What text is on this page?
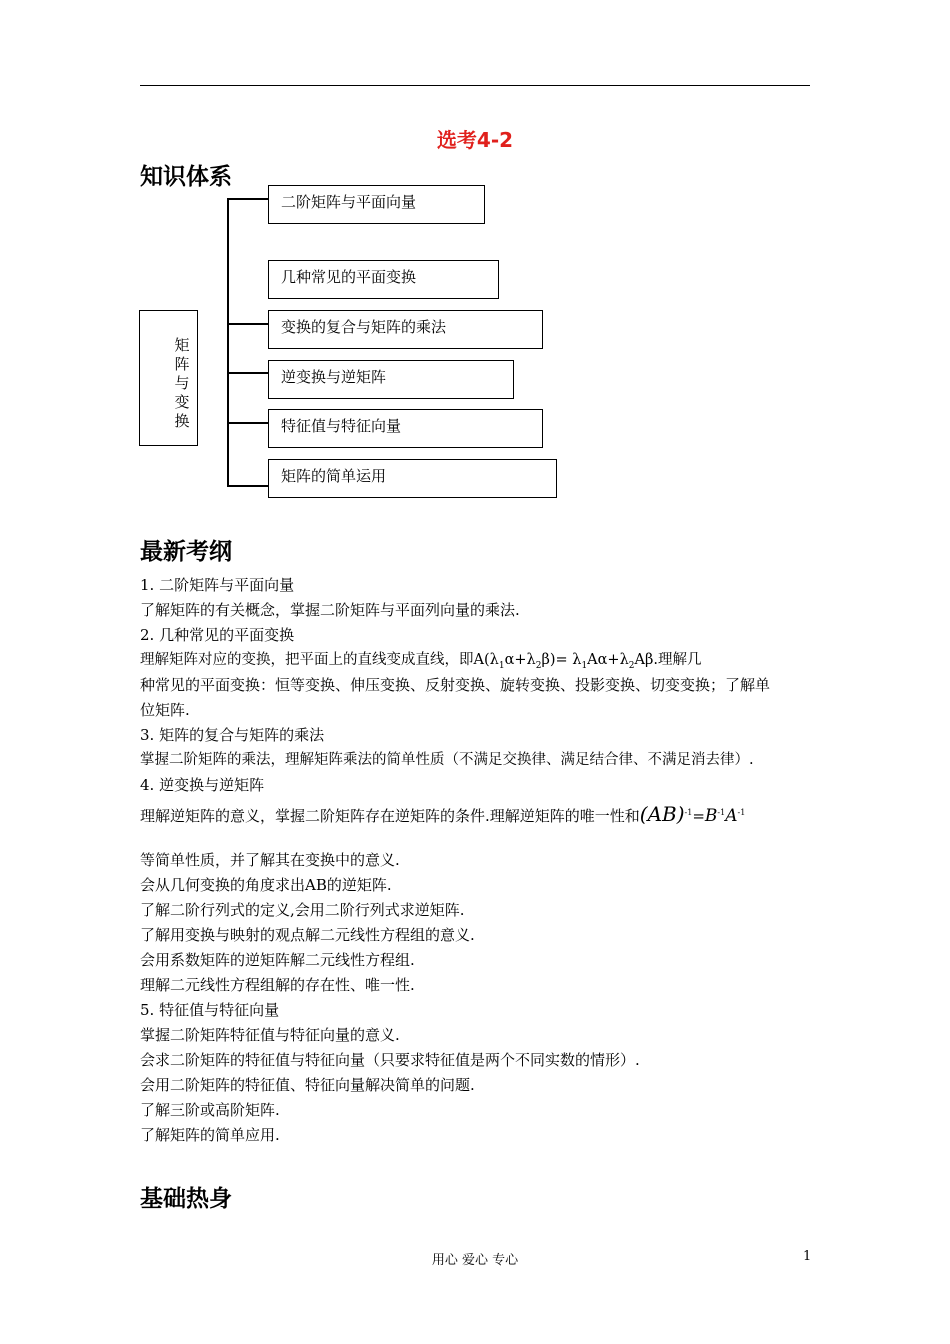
选考4-2
知识体系
矩阵与变换
二阶矩阵与平面向量
几种常见的平面变换
变换的复合与矩阵的乘法
逆变换与逆矩阵
特征值与特征向量
矩阵的简单运用
最新考纲
1. 二阶矩阵与平面向量
了解矩阵的有关概念，掌握二阶矩阵与平面列向量的乘法.
2. 几种常见的平面变换
理解矩阵对应的变换，把平面上的直线变成直线，即$A(\lambda_1\alpha+\lambda_2\beta)= \lambda_1A\alpha+\lambda_2A\beta$.理解几
种常见的平面变换：恒等变换、伸压变换、反射变换、旋转变换、投影变换、切变变换；了解单
位矩阵.
3. 矩阵的复合与矩阵的乘法
掌握二阶矩阵的乘法，理解矩阵乘法的简单性质（不满足交换律、满足结合律、不满足消去律）.
4. 逆变换与逆矩阵
理解逆矩阵的意义，掌握二阶矩阵存在逆矩阵的条件.理解逆矩阵的唯一性和$(AB)^{-1}=B^{-1}A^{-1}$
等简单性质，并了解其在变换中的意义.
会从几何变换的角度求出AB的逆矩阵.
了解二阶行列式的定义,会用二阶行列式求逆矩阵.
了解用变换与映射的观点解二元线性方程组的意义.
会用系数矩阵的逆矩阵解二元线性方程组.
理解二元线性方程组解的存在性、唯一性.
5. 特征值与特征向量
掌握二阶矩阵特征值与特征向量的意义.
会求二阶矩阵的特征值与特征向量（只要求特征值是两个不同实数的情形）.
会用二阶矩阵的特征值、特征向量解决简单的问题.
了解三阶或高阶矩阵.
了解矩阵的简单应用.
基础热身
用心 爱心 专心	1
